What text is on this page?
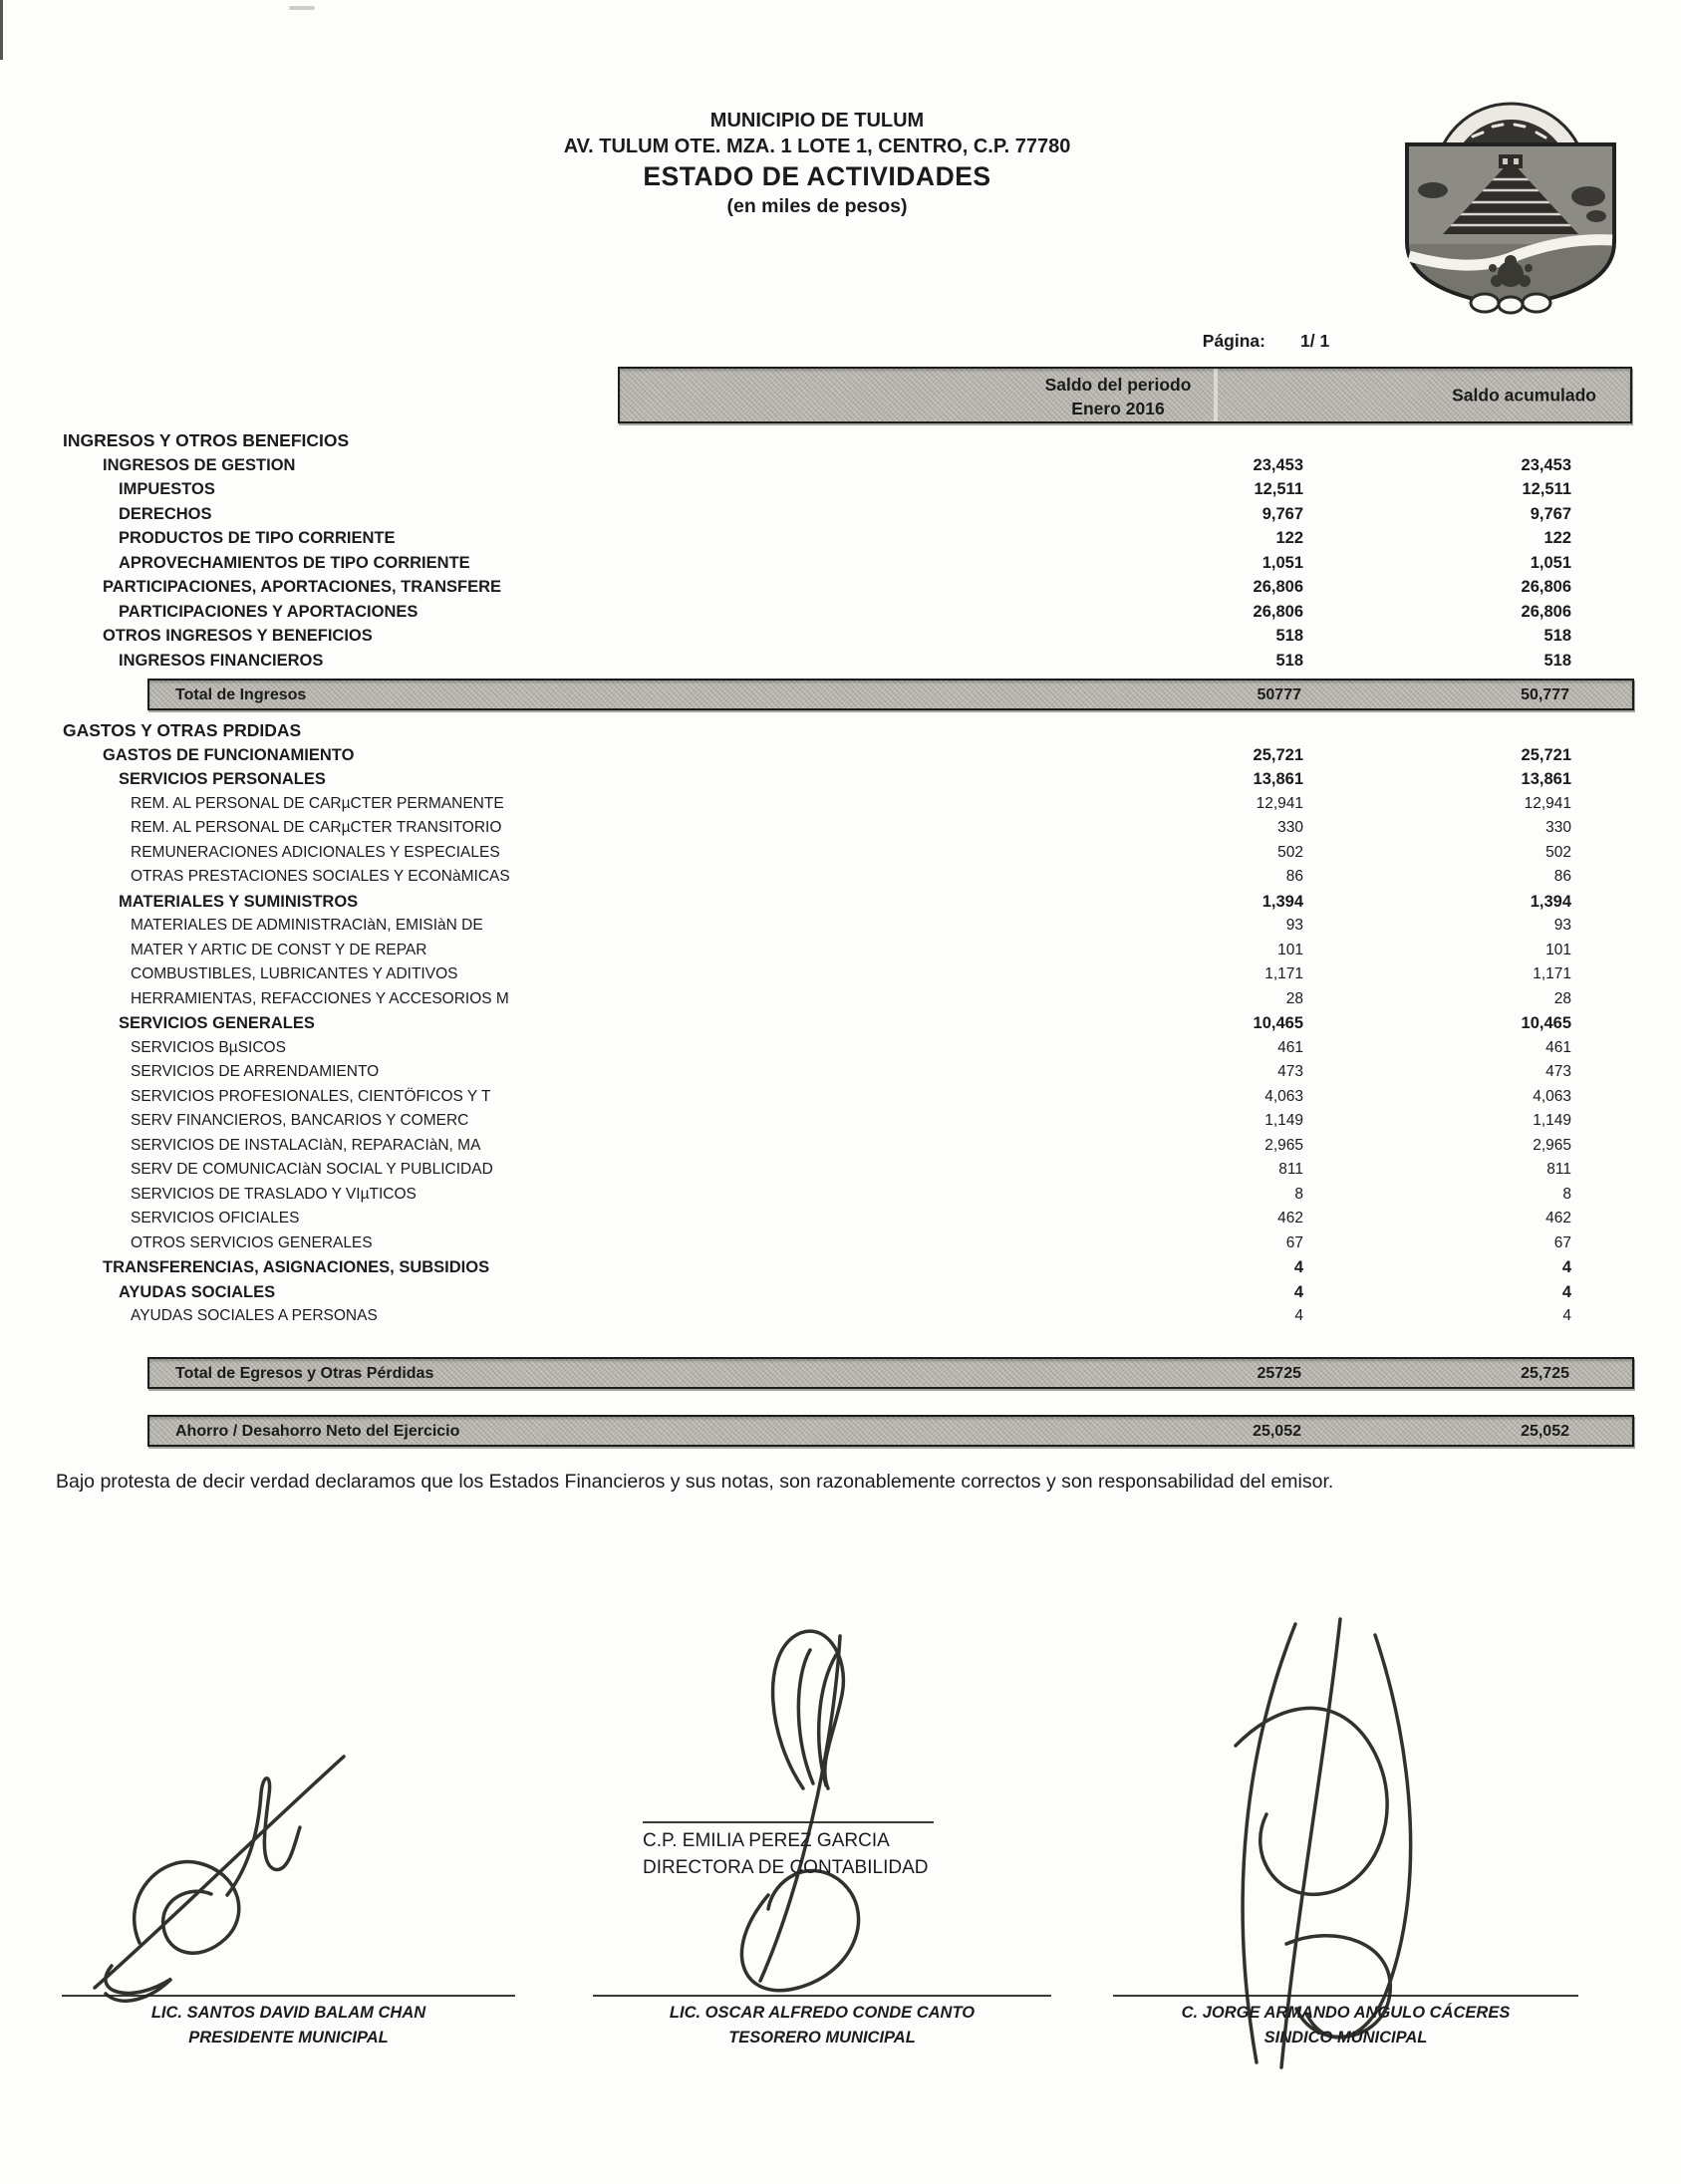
MUNICIPIO DE TULUM
AV. TULUM OTE. MZA. 1 LOTE 1, CENTRO, C.P. 77780
ESTADO DE ACTIVIDADES
(en miles de pesos)
Página: 1/ 1
Saldo del periodo
Enero 2016
Saldo acumulado
INGRESOS Y OTROS BENEFICIOS
INGRESOS DE GESTION	23,453	23,453
IMPUESTOS	12,511	12,511
DERECHOS	9,767	9,767
PRODUCTOS DE TIPO CORRIENTE	122	122
APROVECHAMIENTOS DE TIPO CORRIENTE	1,051	1,051
PARTICIPACIONES, APORTACIONES, TRANSFERE	26,806	26,806
PARTICIPACIONES Y APORTACIONES	26,806	26,806
OTROS INGRESOS Y BENEFICIOS	518	518
INGRESOS FINANCIEROS	518	518
Total de Ingresos	50777	50,777
GASTOS Y OTRAS PRDIDAS
GASTOS DE FUNCIONAMIENTO	25,721	25,721
SERVICIOS PERSONALES	13,861	13,861
REM. AL PERSONAL DE CARµCTER PERMANENTE	12,941	12,941
REM. AL PERSONAL DE CARµCTER TRANSITORIO	330	330
REMUNERACIONES ADICIONALES Y ESPECIALES	502	502
OTRAS PRESTACIONES SOCIALES Y ECONàMICAS	86	86
MATERIALES Y SUMINISTROS	1,394	1,394
MATERIALES DE ADMINISTRACIàN, EMISIàN DE	93	93
MATER Y ARTIC DE CONST Y DE REPAR	101	101
COMBUSTIBLES, LUBRICANTES Y ADITIVOS	1,171	1,171
HERRAMIENTAS, REFACCIONES Y ACCESORIOS M	28	28
SERVICIOS GENERALES	10,465	10,465
SERVICIOS BµSICOS	461	461
SERVICIOS DE ARRENDAMIENTO	473	473
SERVICIOS PROFESIONALES, CIENTÖFICOS Y T	4,063	4,063
SERV FINANCIEROS, BANCARIOS Y COMERC	1,149	1,149
SERVICIOS DE INSTALACIàN, REPARACIàN, MA	2,965	2,965
SERV DE COMUNICACIàN SOCIAL Y PUBLICIDAD	811	811
SERVICIOS DE TRASLADO Y VIµTICOS	8	8
SERVICIOS OFICIALES	462	462
OTROS SERVICIOS GENERALES	67	67
TRANSFERENCIAS, ASIGNACIONES, SUBSIDIOS	4	4
AYUDAS SOCIALES	4	4
AYUDAS SOCIALES A PERSONAS	4	4
Total de Egresos y Otras Pérdidas	25725	25,725
Ahorro / Desahorro Neto del Ejercicio	25,052	25,052
Bajo protesta de decir verdad declaramos que los Estados Financieros y sus notas, son razonablemente correctos y son responsabilidad del emisor.
C.P. EMILIA PEREZ GARCIA
DIRECTORA DE CONTABILIDAD
LIC. SANTOS DAVID BALAM CHAN
PRESIDENTE MUNICIPAL
LIC. OSCAR ALFREDO CONDE CANTO
TESORERO MUNICIPAL
C. JORGE ARMANDO ANGULO CÁCERES
SINDICO MUNICIPAL
